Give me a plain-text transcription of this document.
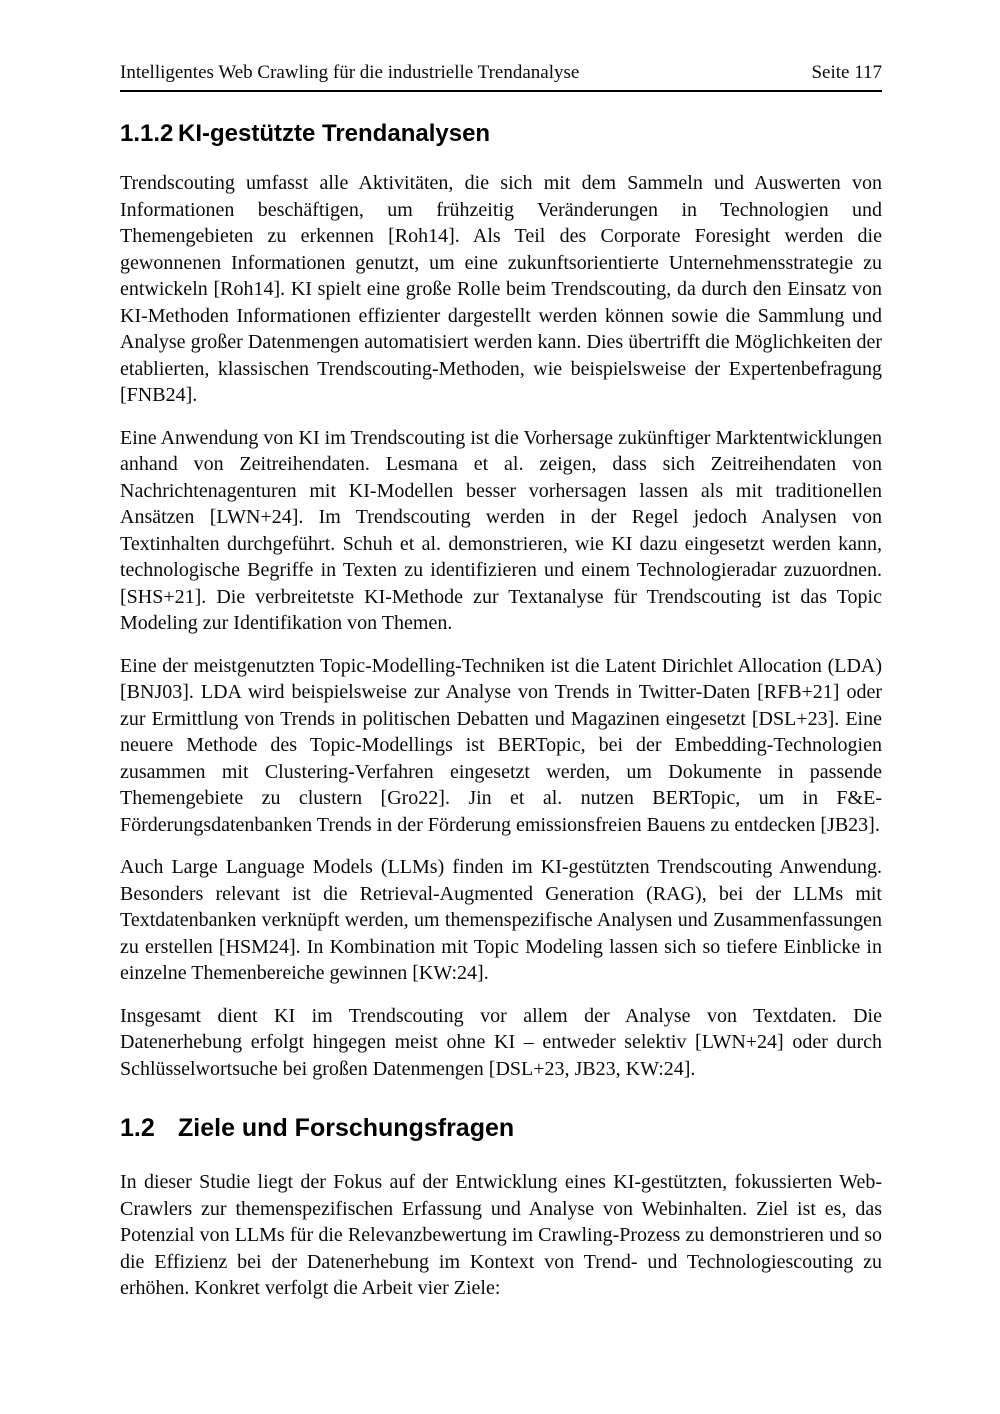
Intelligentes Web Crawling für die industrielle Trendanalyse	Seite 117
1.1.2 KI-gestützte Trendanalysen

Trendscouting umfasst alle Aktivitäten, die sich mit dem Sammeln und Auswerten von Informationen beschäftigen, um frühzeitig Veränderungen in Technologien und Themengebieten zu erkennen [Roh14]. Als Teil des Corporate Foresight werden die gewonnenen Informationen genutzt, um eine zukunftsorientierte Unternehmensstrategie zu entwickeln [Roh14]. KI spielt eine große Rolle beim Trendscouting, da durch den Einsatz von KI-Methoden Informationen effizienter dargestellt werden können sowie die Sammlung und Analyse großer Datenmengen automatisiert werden kann. Dies übertrifft die Möglichkeiten der etablierten, klassischen Trendscouting-Methoden, wie beispielsweise der Expertenbefragung [FNB24].

Eine Anwendung von KI im Trendscouting ist die Vorhersage zukünftiger Marktentwicklungen anhand von Zeitreihendaten. Lesmana et al. zeigen, dass sich Zeitreihendaten von Nachrichtenagenturen mit KI-Modellen besser vorhersagen lassen als mit traditionellen Ansätzen [LWN+24]. Im Trendscouting werden in der Regel jedoch Analysen von Textinhalten durchgeführt. Schuh et al. demonstrieren, wie KI dazu eingesetzt werden kann, technologische Begriffe in Texten zu identifizieren und einem Technologieradar zuzuordnen. [SHS+21]. Die verbreitetste KI-Methode zur Textanalyse für Trendscouting ist das Topic Modeling zur Identifikation von Themen.

Eine der meistgenutzten Topic-Modelling-Techniken ist die Latent Dirichlet Allocation (LDA) [BNJ03]. LDA wird beispielsweise zur Analyse von Trends in Twitter-Daten [RFB+21] oder zur Ermittlung von Trends in politischen Debatten und Magazinen eingesetzt [DSL+23]. Eine neuere Methode des Topic-Modellings ist BERTopic, bei der Embedding-Technologien zusammen mit Clustering-Verfahren eingesetzt werden, um Dokumente in passende Themengebiete zu clustern [Gro22]. Jin et al. nutzen BERTopic, um in F&E-Förderungsdatenbanken Trends in der Förderung emissionsfreien Bauens zu entdecken [JB23].

Auch Large Language Models (LLMs) finden im KI-gestützten Trendscouting Anwendung. Besonders relevant ist die Retrieval-Augmented Generation (RAG), bei der LLMs mit Textdatenbanken verknüpft werden, um themenspezifische Analysen und Zusammenfassungen zu erstellen [HSM24]. In Kombination mit Topic Modeling lassen sich so tiefere Einblicke in einzelne Themenbereiche gewinnen [KW:24].

Insgesamt dient KI im Trendscouting vor allem der Analyse von Textdaten. Die Datenerhebung erfolgt hingegen meist ohne KI – entweder selektiv [LWN+24] oder durch Schlüsselwortsuche bei großen Datenmengen [DSL+23, JB23, KW:24].

1.2 Ziele und Forschungsfragen

In dieser Studie liegt der Fokus auf der Entwicklung eines KI-gestützten, fokussierten Web-Crawlers zur themenspezifischen Erfassung und Analyse von Webinhalten. Ziel ist es, das Potenzial von LLMs für die Relevanzbewertung im Crawling-Prozess zu demonstrieren und so die Effizienz bei der Datenerhebung im Kontext von Trend- und Technologiescouting zu erhöhen. Konkret verfolgt die Arbeit vier Ziele:
